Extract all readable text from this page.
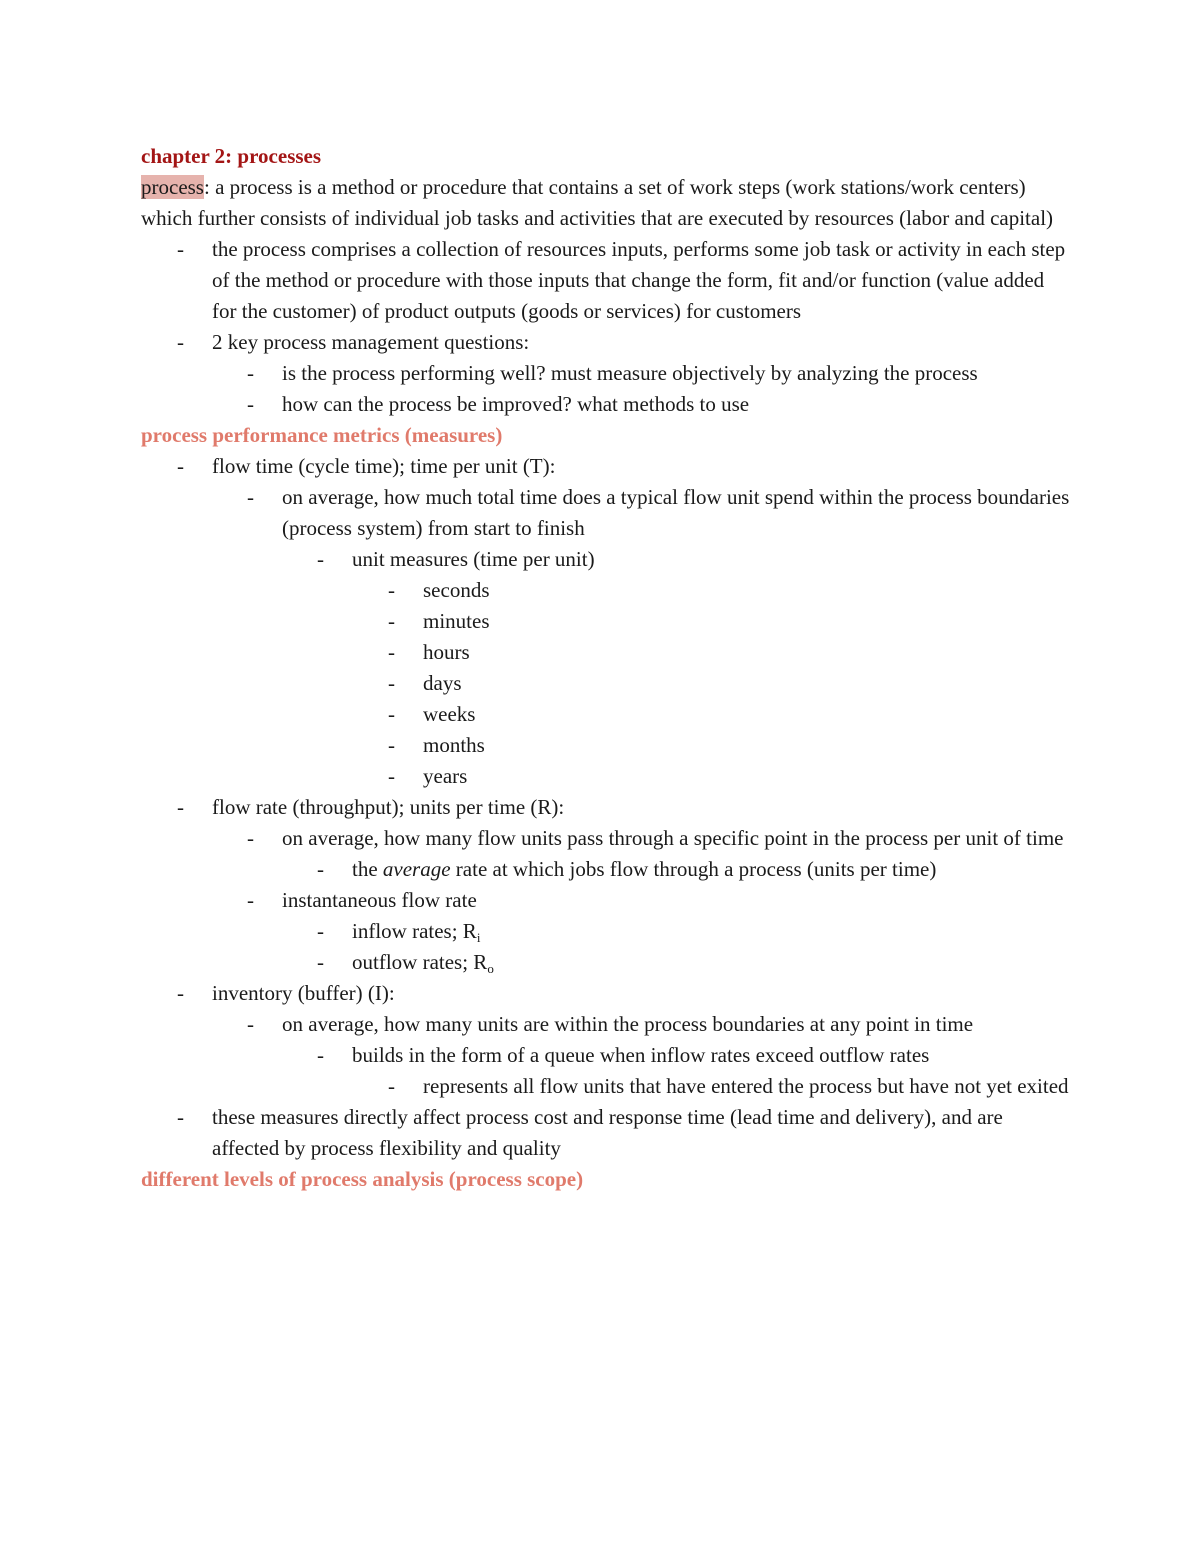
chapter 2: processes

process: a process is a method or procedure that contains a set of work steps (work stations/work centers) which further consists of individual job tasks and activities that are executed by resources (labor and capital)

- the process comprises a collection of resources inputs, performs some job task or activity in each step of the method or procedure with those inputs that change the form, fit and/or function (value added for the customer) of product outputs (goods or services) for customers

- 2 key process management questions:

- is the process performing well? must measure objectively by analyzing the process

- how can the process be improved? what methods to use

process performance metrics (measures)

- flow time (cycle time); time per unit (T):

- on average, how much total time does a typical flow unit spend within the process boundaries (process system) from start to finish

- unit measures (time per unit)

- seconds

- minutes

- hours

- days

- weeks

- months

- years

- flow rate (throughput); units per time (R):

- on average, how many flow units pass through a specific point in the process per unit of time

- the average rate at which jobs flow through a process (units per time)

- instantaneous flow rate

- inflow rates; $R_i$

- outflow rates; $R_o$

- inventory (buffer) (I):

- on average, how many units are within the process boundaries at any point in time

- builds in the form of a queue when inflow rates exceed outflow rates

- represents all flow units that have entered the process but have not yet exited

- these measures directly affect process cost and response time (lead time and delivery), and are affected by process flexibility and quality

different levels of process analysis (process scope)
